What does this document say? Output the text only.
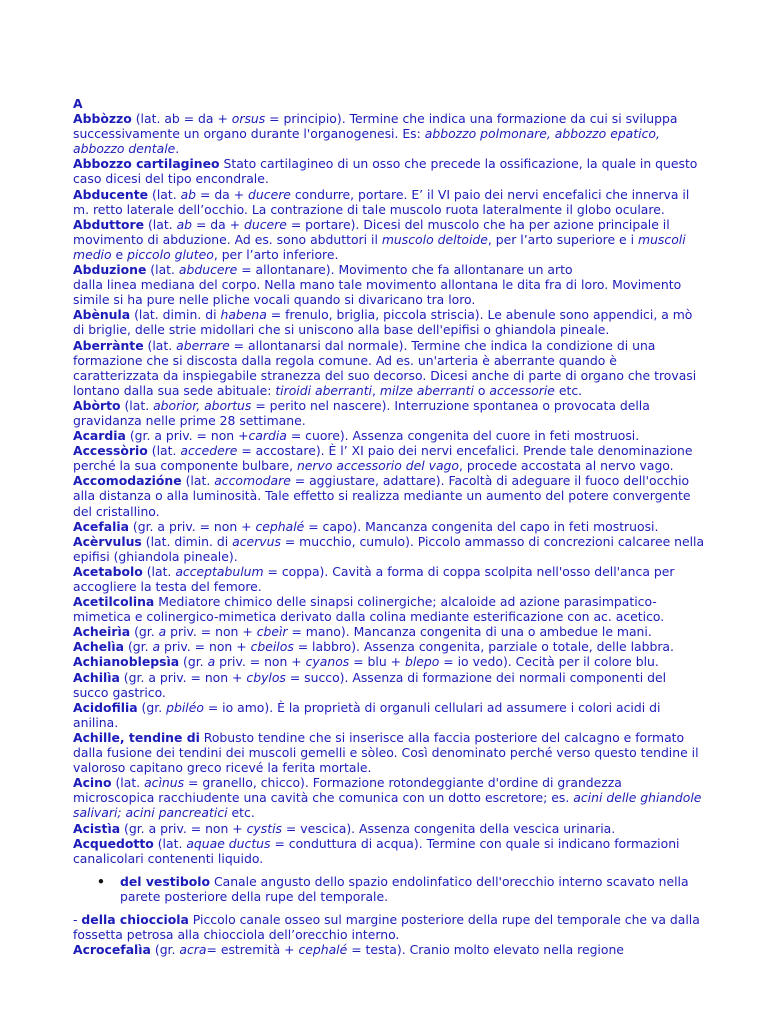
A
Abbòzzo (lat. ab = da + orsus = principio). Termine che indica una formazione da cui si sviluppa successivamente un organo durante l'organogenesi. Es: abbozzo polmonare, abbozzo epatico, abbozzo dentale.
Abbozzo cartilagineo Stato cartilagineo di un osso che precede la ossificazione, la quale in questo caso dicesi del tipo encondrale.
Abducente (lat. ab = da + ducere condurre, portare. E’ il VI paio dei nervi encefalici che innerva il m. retto laterale dell’occhio. La contrazione di tale muscolo ruota lateralmente il globo oculare.
Abduttore (lat. ab = da + ducere = portare). Dicesi del muscolo che ha per azione principale il movimento di abduzione. Ad es. sono abduttori il muscolo deltoide, per l’arto superiore e i muscoli medio e piccolo gluteo, per l’arto inferiore.
Abduzione (lat. abducere = allontanare). Movimento che fa allontanare un arto
dalla linea mediana del corpo. Nella mano tale movimento allontana le dita fra di loro. Movimento simile si ha pure nelle pliche vocali quando si divaricano tra loro.
Abènula (lat. dimin. di habena = frenulo, briglia, piccola striscia). Le abenule sono appendici, a mò di briglie, delle strie midollari che si uniscono alla base dell'epifisi o ghiandola pineale.
Aberrànte (lat. aberrare = allontanarsi dal normale). Termine che indica la condizione di una formazione che si discosta dalla regola comune. Ad es. un'arteria è aberrante quando è caratterizzata da inspiegabile stranezza del suo decorso. Dicesi anche di parte di organo che trovasi lontano dalla sua sede abituale: tiroidi aberranti, milze aberranti o accessorie etc.
Abòrto (lat. aborior, abortus = perito nel nascere). Interruzione spontanea o provocata della gravidanza nelle prime 28 settimane.
Acardia (gr. a priv. = non +cardia = cuore). Assenza congenita del cuore in feti mostruosi.
Accessòrio (lat. accedere = accostare). È l’ XI paio dei nervi encefalici. Prende tale denominazione perché la sua componente bulbare, nervo accessorio del vago, procede accostata al nervo vago.
Accomodazióne (lat. accomodare = aggiustare, adattare). Facoltà di adeguare il fuoco dell'occhio alla distanza o alla luminosità. Tale effetto si realizza mediante un aumento del potere convergente del cristallino.
Acefalia (gr. a priv. = non + cephalé = capo). Mancanza congenita del capo in feti mostruosi.
Acèrvulus (lat. dimin. di acervus = mucchio, cumulo). Piccolo ammasso di concrezioni calcaree nella epifisi (ghiandola pineale).
Acetabolo (lat. acceptabulum = coppa). Cavità a forma di coppa scolpita nell'osso dell'anca per accogliere la testa del femore.
Acetilcolina Mediatore chimico delle sinapsi colinergiche; alcaloide ad azione parasimpatico-mimetica e colinergico-mimetica derivato dalla colina mediante esterificazione con ac. acetico.
Acheirìa (gr. a priv. = non + cbeìr = mano). Mancanza congenita di una o ambedue le mani.
Achelìa (gr. a priv. = non + cbeilos = labbro). Assenza congenita, parziale o totale, delle labbra.
Achianoblepsìa (gr. a priv. = non + cyanos = blu + blepo = io vedo). Cecità per il colore blu.
Achilìa (gr. a priv. = non + cbylos = succo). Assenza di formazione dei normali componenti del succo gastrico.
Acidofilia (gr. pbiléo = io amo). È la proprietà di organuli cellulari ad assumere i colori acidi di anilina.
Achille, tendine di Robusto tendine che si inserisce alla faccia posteriore del calcagno e formato dalla fusione dei tendini dei muscoli gemelli e sòleo. Così denominato perché verso questo tendine il valoroso capitano greco ricevé la ferita mortale.
Acino (lat. acìnus = granello, chicco). Formazione rotondeggiante d'ordine di grandezza microscopica racchiudente una cavità che comunica con un dotto escretore; es. acini delle ghiandole salivari; acini pancreatici etc.
Acistìa (gr. a priv. = non + cystis = vescica). Assenza congenita della vescica urinaria.
Acquedotto (lat. aquae ductus = conduttura di acqua). Termine con quale si indicano formazioni canalicolari contenenti liquido.
• del vestibolo Canale angusto dello spazio endolinfatico dell'orecchio interno scavato nella parete posteriore della rupe del temporale.
- della chiocciola Piccolo canale osseo sul margine posteriore della rupe del temporale che va dalla fossetta petrosa alla chiocciola dell’orecchio interno.
Acrocefalìa (gr. acra= estremità + cephalé = testa). Cranio molto elevato nella regione
